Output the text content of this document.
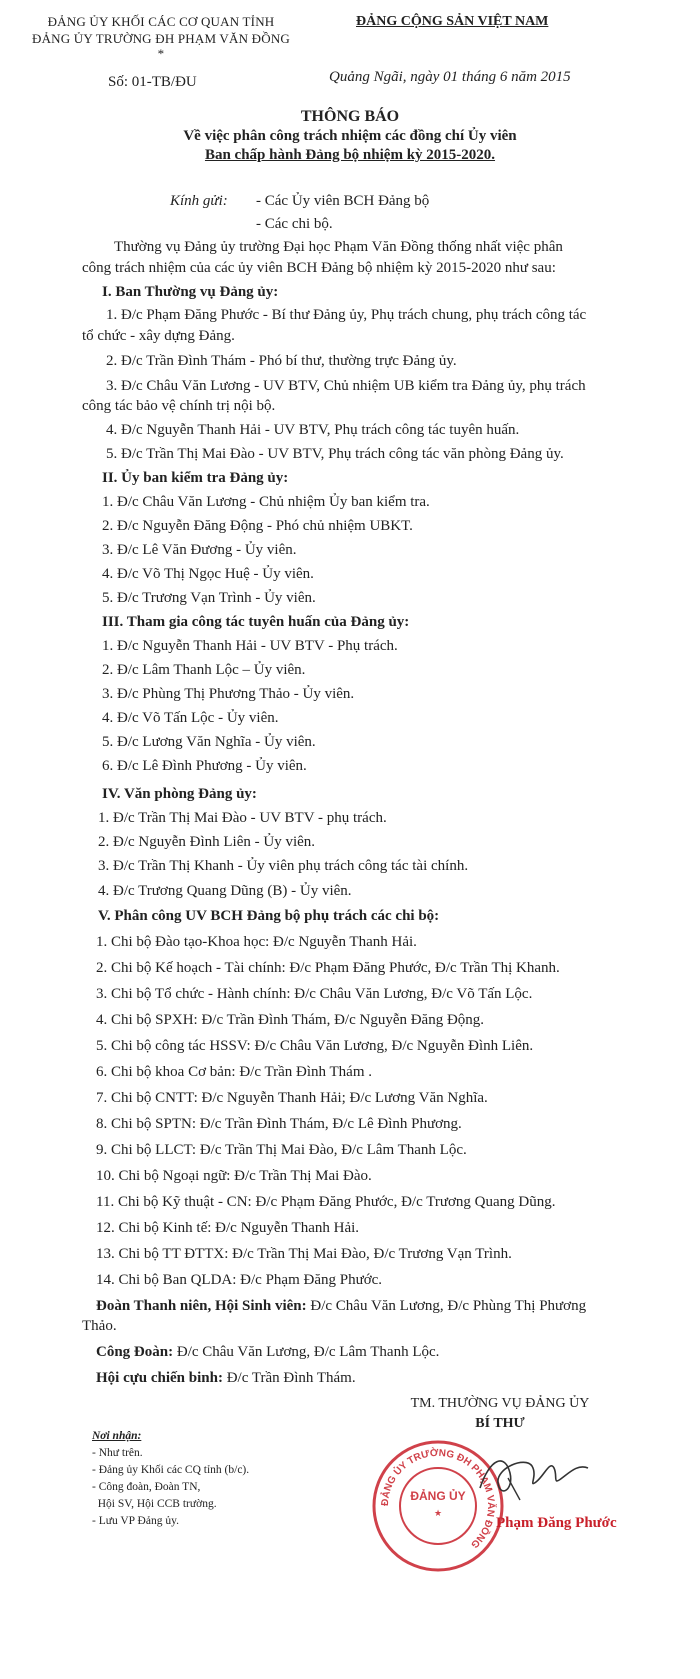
ĐẢNG ỦY KHỐI CÁC CƠ QUAN TỈNH
ĐẢNG ỦY TRƯỜNG ĐH PHẠM VĂN ĐỒNG
*
ĐẢNG CỘNG SẢN VIỆT NAM
Số: 01-TB/ĐU	Quảng Ngãi, ngày 01 tháng 6 năm 2015
THÔNG BÁO
Về việc phân công trách nhiệm các đồng chí Ủy viên
Ban chấp hành Đảng bộ nhiệm kỳ 2015-2020.
Kính gửi: - Các Ủy viên BCH Đảng bộ
- Các chi bộ.
Thường vụ Đảng ủy trường Đại học Phạm Văn Đồng thống nhất việc phân
công trách nhiệm của các ủy viên BCH Đảng bộ nhiệm kỳ 2015-2020 như sau:
I. Ban Thường vụ Đảng ủy:
1. Đ/c Phạm Đăng Phước - Bí thư Đảng ủy, Phụ trách chung, phụ trách công tác
tổ chức - xây dựng Đảng.
2. Đ/c Trần Đình Thám - Phó bí thư, thường trực Đảng ủy.
3. Đ/c Châu Văn Lương - UV BTV, Chủ nhiệm UB kiểm tra Đảng ủy, phụ trách
công tác bảo vệ chính trị nội bộ.
4. Đ/c Nguyễn Thanh Hải - UV BTV, Phụ trách công tác tuyên huấn.
5. Đ/c Trần Thị Mai Đào - UV BTV, Phụ trách công tác văn phòng Đảng ủy.
II. Ủy ban kiểm tra Đảng ủy:
1. Đ/c Châu Văn Lương - Chủ nhiệm Ủy ban kiểm tra.
2. Đ/c Nguyễn Đăng Động - Phó chủ nhiệm UBKT.
3. Đ/c Lê Văn Đương - Ủy viên.
4. Đ/c Võ Thị Ngọc Huệ - Ủy viên.
5. Đ/c Trương Vạn Trình - Ủy viên.
III. Tham gia công tác tuyên huấn của Đảng ủy:
1. Đ/c Nguyễn Thanh Hải - UV BTV - Phụ trách.
2. Đ/c Lâm Thanh Lộc – Ủy viên.
3. Đ/c Phùng Thị Phương Thảo - Ủy viên.
4. Đ/c Võ Tấn Lộc - Ủy viên.
5. Đ/c Lương Văn Nghĩa - Ủy viên.
6. Đ/c Lê Đình Phương - Ủy viên.
IV. Văn phòng Đảng ủy:
1. Đ/c Trần Thị Mai Đào - UV BTV - phụ trách.
2. Đ/c Nguyễn Đình Liên - Ủy viên.
3. Đ/c Trần Thị Khanh - Ủy viên phụ trách công tác tài chính.
4. Đ/c Trương Quang Dũng (B) - Ủy viên.
V. Phân công UV BCH Đảng bộ phụ trách các chi bộ:
1. Chi bộ Đào tạo-Khoa học: Đ/c Nguyễn Thanh Hải.
2. Chi bộ Kế hoạch - Tài chính: Đ/c Phạm Đăng Phước, Đ/c Trần Thị Khanh.
3. Chi bộ Tổ chức - Hành chính: Đ/c Châu Văn Lương, Đ/c Võ Tấn Lộc.
4. Chi bộ SPXH: Đ/c Trần Đình Thám, Đ/c Nguyễn Đăng Động.
5. Chi bộ công tác HSSV: Đ/c Châu Văn Lương, Đ/c Nguyễn Đình Liên.
6. Chi bộ khoa Cơ bản: Đ/c Trần Đình Thám .
7. Chi bộ CNTT: Đ/c Nguyễn Thanh Hải; Đ/c Lương Văn Nghĩa.
8. Chi bộ SPTN: Đ/c Trần Đình Thám, Đ/c Lê Đình Phương.
9. Chi bộ LLCT: Đ/c Trần Thị Mai Đào, Đ/c Lâm Thanh Lộc.
10. Chi bộ Ngoại ngữ: Đ/c Trần Thị Mai Đào.
11. Chi bộ Kỹ thuật - CN: Đ/c Phạm Đăng Phước, Đ/c Trương Quang Dũng.
12. Chi bộ Kinh tế: Đ/c Nguyễn Thanh Hải.
13. Chi bộ TT ĐTTX: Đ/c Trần Thị Mai Đào, Đ/c Trương Vạn Trình.
14. Chi bộ Ban QLDA: Đ/c Phạm Đăng Phước.
Đoàn Thanh niên, Hội Sinh viên: Đ/c Châu Văn Lương, Đ/c Phùng Thị Phương
Thảo.
Công Đoàn: Đ/c Châu Văn Lương, Đ/c Lâm Thanh Lộc.
Hội cựu chiến binh: Đ/c Trần Đình Thám.
TM. THƯỜNG VỤ ĐẢNG ỦY
BÍ THƯ
ĐẢNG ỦY TRƯỜNG ĐH PHẠM VĂN ĐỒNG
ĐẢNG ỦY
★
Phạm Đăng Phước
Nơi nhận:
- Như trên.
- Đảng ủy Khối các CQ tỉnh (b/c).
- Công đoàn, Đoàn TN,
Hội SV, Hội CCB trường.
- Lưu VP Đảng ủy.
